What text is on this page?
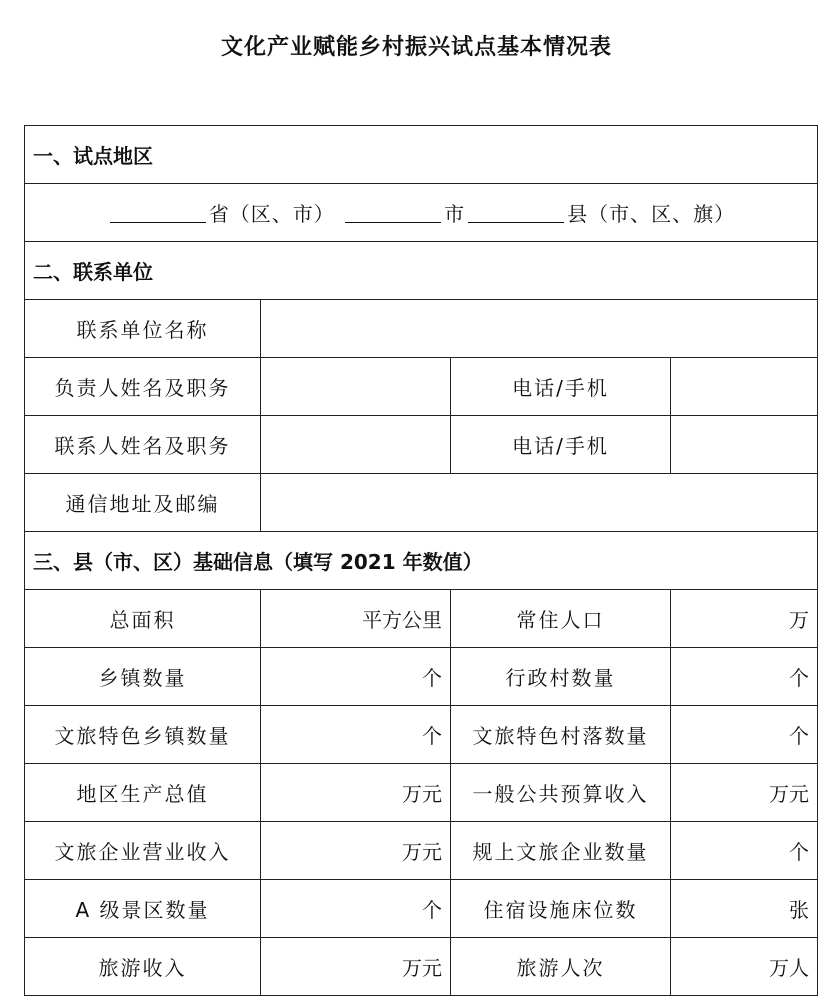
文化产业赋能乡村振兴试点基本情况表
一、试点地区			
省（区、市） 市 县（市、区、旗）			
二、联系单位			
联系单位名称			
负责人姓名及职务		电话/手机	
联系人姓名及职务		电话/手机	
通信地址及邮编			
三、县（市、区）基础信息（填写 2021 年数值）			
总面积	平方公里	常住人口	万
乡镇数量	个	行政村数量	个
文旅特色乡镇数量	个	文旅特色村落数量	个
地区生产总值	万元	一般公共预算收入	万元
文旅企业营业收入	万元	规上文旅企业数量	个
A 级景区数量	个	住宿设施床位数	张
旅游收入	万元	旅游人次	万人
